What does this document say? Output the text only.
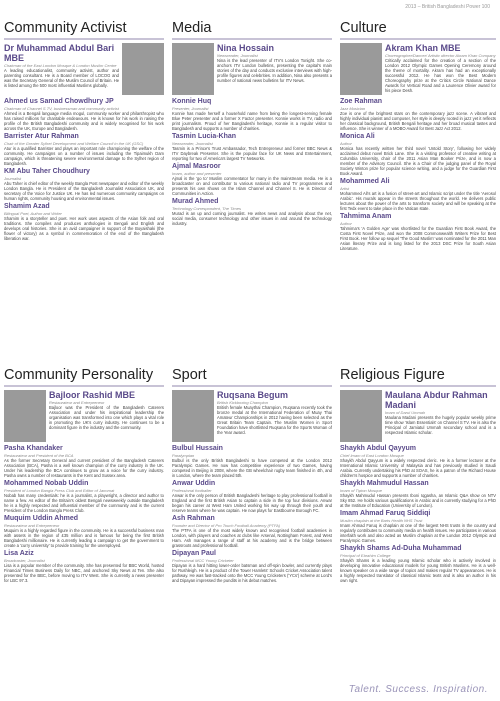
2013 – British Bangladeshi Power 100
Community Activist
Dr Muhammad Abdul Bari MBE
Chairman of the East London Mosque & London Muslim Centre
A leading educationalist, community activist, author and parenting consultant. He is a Board member of LOCOG and was the Secretary General of the Muslim Council of Britain. He is listed among the 500 most influential Muslims globally.
Ahmed us Samad Chowdhury JP
Chairman of Channel S TV, businessman and community activist
Ahmed is a Bengali language media mogul, community worker and philanthropist who has raised millions for charitable endeavours. He is known for his work in raising the profile of the British Bangladeshi community and is widely recognised for his work across the UK, Europe and Bangladesh.
Barrister Atur Rahman
Chair of the Greater Sylhet Development and Welfare Council in the UK (GSC)
Atur is a qualified Barrister and plays an important role championing the welfare of the community. He campaigns on a number of issues including the Tipaimukh Dam campaign, which is threatening severe environmental damage to the Sylhet region of Bangladesh.
KM Abu Taher Choudhury
Journalist
Abu Taher is chief editor of the weekly Bangla Post newspaper and editor of the weekly London Bangla. He is President of the Bangladesh Journalist Association UK, and secretary of the Voice for Justice UK. He has led numerous community campaigns on human rights, community housing and environmental issues.
Shamim Azad
Bilingual Poet, Author and Writer
Shamim is a storyteller and poet. Her work uses aspects of the Asian folk and oral traditions. She compiles and produces anthologies in Bengali and English and develops oral histories. She is an avid campaigner in support of the Boyaishaki (the flower of victory) as a symbol in commemoration of the end of the Bangladesh liberation war.
Media
Nina Hossain
Newsreader, Journalist
Nina is the lead presenter of ITV's London Tonight. She co-anchors ITV London bulletins, presenting the capital's main stories of the day and conducts exclusive interviews with high-profile figures and celebrities. In addition, Nina also presents a number of national news bulletins for ITV News.
Konnie Huq
Presenter, Journalist
Konnie has made herself a household name from being the longest-serving female Blue Peter presenter and a former X Factor presenter. Konnie works in TV, radio and print journalism. Proud of her Bangladeshi heritage, Konnie is a regular visitor to Bangladesh and supports a number of charities.
Tasmin Lucia-Khan
Newsreader, Journalist
Tasmin is a Prince's Trust Ambassador, Tech Entrepreneur and former BBC News & ITV Daybreak Presenter. She is the popular face for UK News and Entertainment, reporting for two of America's largest TV Networks.
Ajmal Masroor
Imam, author and presenter
Ajmal is the 'go to' Muslim commentator for many in the mainstream media. He is a broadcaster on and contributor to various national radio and TV programmes and presents his own shows on the Islam Channel and Channel S. He is Director of Communities in Action.
Murad Ahmed
Technology Correspondent, The Times
Murad is an up and coming journalist. He writes news and analysis about the net, social media, consumer technology and other issues in and around the technology industry.
Culture
Akram Khan MBE
Choreographer/Dancer/ Artistic director Akram Khan Company
Critically acclaimed for the creation of a section of the London 2012 Olympic Games Opening Ceremony around the theme of mortality. Akram has had an exceptionally successful 2012. He has won the Best Modern Choreography prize at the Critics Circle National Dance Awards for Vertical Road and a Laurence Olivier award for his piece Desh.
Zoe Rahman
Jazz Musician
Zoe is one of the brightest stars on the contemporary jazz scene. A vibrant and highly individual pianist and composer, her style is deeply rooted in jazz yet it reflects her classical background, British Bengali heritage and her broad musical tastes and influence. She is winner of a MOBO Award for Best Jazz Act 2012.
Monica Ali
Author
Monica has recently written her third novel 'Untold Story', following her widely acclaimed debut novel Brick Lane. She is a visiting professor of creative writing at Columbia University, chair of the 2011 Asian Man Booker Prize, and is now a member of the Advisory Council. She is a Chair of the judging panel of the Royal Society Winton prize for popular science writing, and a judge for the Guardian First Book Award.
Mohammed Ali
Artist
Mohammed Ali's art is a fusion of street-art and Islamic script under the title 'Aerosol Arabic'. His murals appear in the streets throughout the world. He delivers public lectures about the power of the arts to transform society and will be speaking at the first Tedx event to take place in the Vatican state.
Tahmima Anam
Author
Tahmima's 'A Golden Age' was shortlisted for the Guardian First Book Award, the Costa First Novel Prize, and won the 2008 Commonwealth Writers Prize for Best First Book. Her follow up sequel 'The Good Muslim' was nominated for the 2011 Man Asian literary Prize and is long listed for the 2013 DSC Prize for South Asian Literature.
Community Personality
Bajloor Rashid MBE
Restaurateur and Entrepreneur
Bajloor was the President of the Bangladesh Caterers Association and under his inspirational leadership the organisation was transformed into one which plays a vital role in promoting the UK's curry industry. He continues to be a dominant figure in the industry and the community.
Pasha Khandaker
Restaurateur and President of the BCA
As the former Secretary General and current president of the Bangladesh Caterers Association (BCA), Pasha is a well known champion of the curry industry in the UK. Under his leadership the BCA continues to grow as a voice for the curry industry. Pasha owns a number of restaurants in the Kent and Sussex area.
Mohammed Nobab Uddin
President of London Bangla Press Club and Editor of Janomat
Nobab has many credentials: he is a journalist, a playwright, a director and author to name a few. As editor of the Britain's oldest Bengali newsweekly outside Bangladesh he is a highly respected and influential member of the community and is the current President of the London Bangla Press Club.
Muquim Uddin Ahmed
Restaurateur and Entrepreneur
Muquim is a highly regarded figure in the community. He is a successful business man with assets in the region of £35 million and is famous for being the first British Bangladeshi millionaire. He is currently leading a campaign to get the government to create a 'curry university' to provide training for the unemployed.
Lisa Aziz
Broadcaster, Journalist
Lisa is a popular member of the community. She has presented for BBC World, hosted Financial Times Business Daily for NBC, and anchored Sky News at Ten. She also presented for the BBC, before moving to ITV West. She is currently a news presenter for LBC 97.3.
Sport
Ruqsana Begum
British Kickboxing Champion
British female Muaythai Champion, Ruqsana recently took the bronze medal at the International Federation of Muay Thai Amateur Championships in 2012 having been selected as the Great Britain Team Captain. The Muslim Women in Sport Foundation have shortlisted Ruqsana for the Sports Woman of the Year award.
Bulbul Hussain
Paralympian
Bulbul is the only British Bangladeshi to have competed at the London 2012 Paralympic Games. He now has competitive experience of two Games, having competed in Beijing in 2008, where the GB wheelchair rugby team finished in 4th, and in London, where the team placed 5th.
Anwar Uddin
Professional footballer
Anwar is the only person of British Bangladeshi heritage to play professional football in England and the first British Asian to captain a side in the top four divisions. Anwar began his career at West Ham United working his way up through their youth and reserve teams where he was captain. He now plays for Eastbourne Borough FC.
Ash Rahman
Founder and Director of Pro Touch Football Academy (PTFA)
The PTFA is one of the most widely known and recognised football academies in London, with players and coaches at clubs like Arsenal, Nottingham Forest, and West Ham. Ash manages a range of staff at his academy and is the bridge between grassroots and professional football.
Dipayan Paul
Professional MCC Young Cricketer
Dipayan is a hard hitting lower-order batsman and off-spin bowler, and currently plays for Rushleigh. He is a product of the Tower Hamlets' Schools Cricket Association talent pathway. He was fast-tracked onto the MCC Young Cricketers ('YCs') scheme at Lord's and Dipayan impressed the pundits in his debut matches.
Religious Figure
Maulana Abdur Rahman Madani
Imam of Darul Ummah
Maulana Madani presents the hugely popular weekly prime time show 'Islam Essentials' on Channel S TV. He is also the Principal of Jamiatul Ummah secondary school and is a respected Islamic scholar.
Shaykh Abdul Qayyum
Chief Imam of East London Mosque
Shaykh Abdul Qayyum is a widely respected cleric. He is a former lecturer at the International Islamic University of Malaysia and has previously studied in Saudi Arabia. Currently undertaking his PhD at SOAS, he is a patron of the Richard House children's hospice and supports a number of charities.
Shaykh Mahmudul Hassan
Imam of Tipton Mosque
Shaykh Mahmudul Hassan presents Iboni Iqgasha, an Islamic Q&A show on NTV Sky 852. He holds various qualifications in Arabic and is currently studying for a PhD at the Institute of Education (University of London).
Imam Ahmad Faruq Siddiqi
Muslim chaplain at the Barts Health NHS Trust
Imam Ahmad Faruq is chaplain at one of the largest NHS trusts in the country and regularly contributes to community media on health issues. He participates in various interfaith work and also acted as Muslim chaplain at the London 2012 Olympic and Paralympic Games.
Shaykh Shams Ad-Duha Muhammad
Principal of Ebrahim College
Shaykh Shams is a leading young Islamic scholar who is actively involved in developing innovative educational models for young British Muslims. He is a well-known speaker on a wide range of topics and makes regular TV appearances. He is a highly respected translator of classical Islamic texts and is also an author in his own right.
Talent. Success. Inspiration.
